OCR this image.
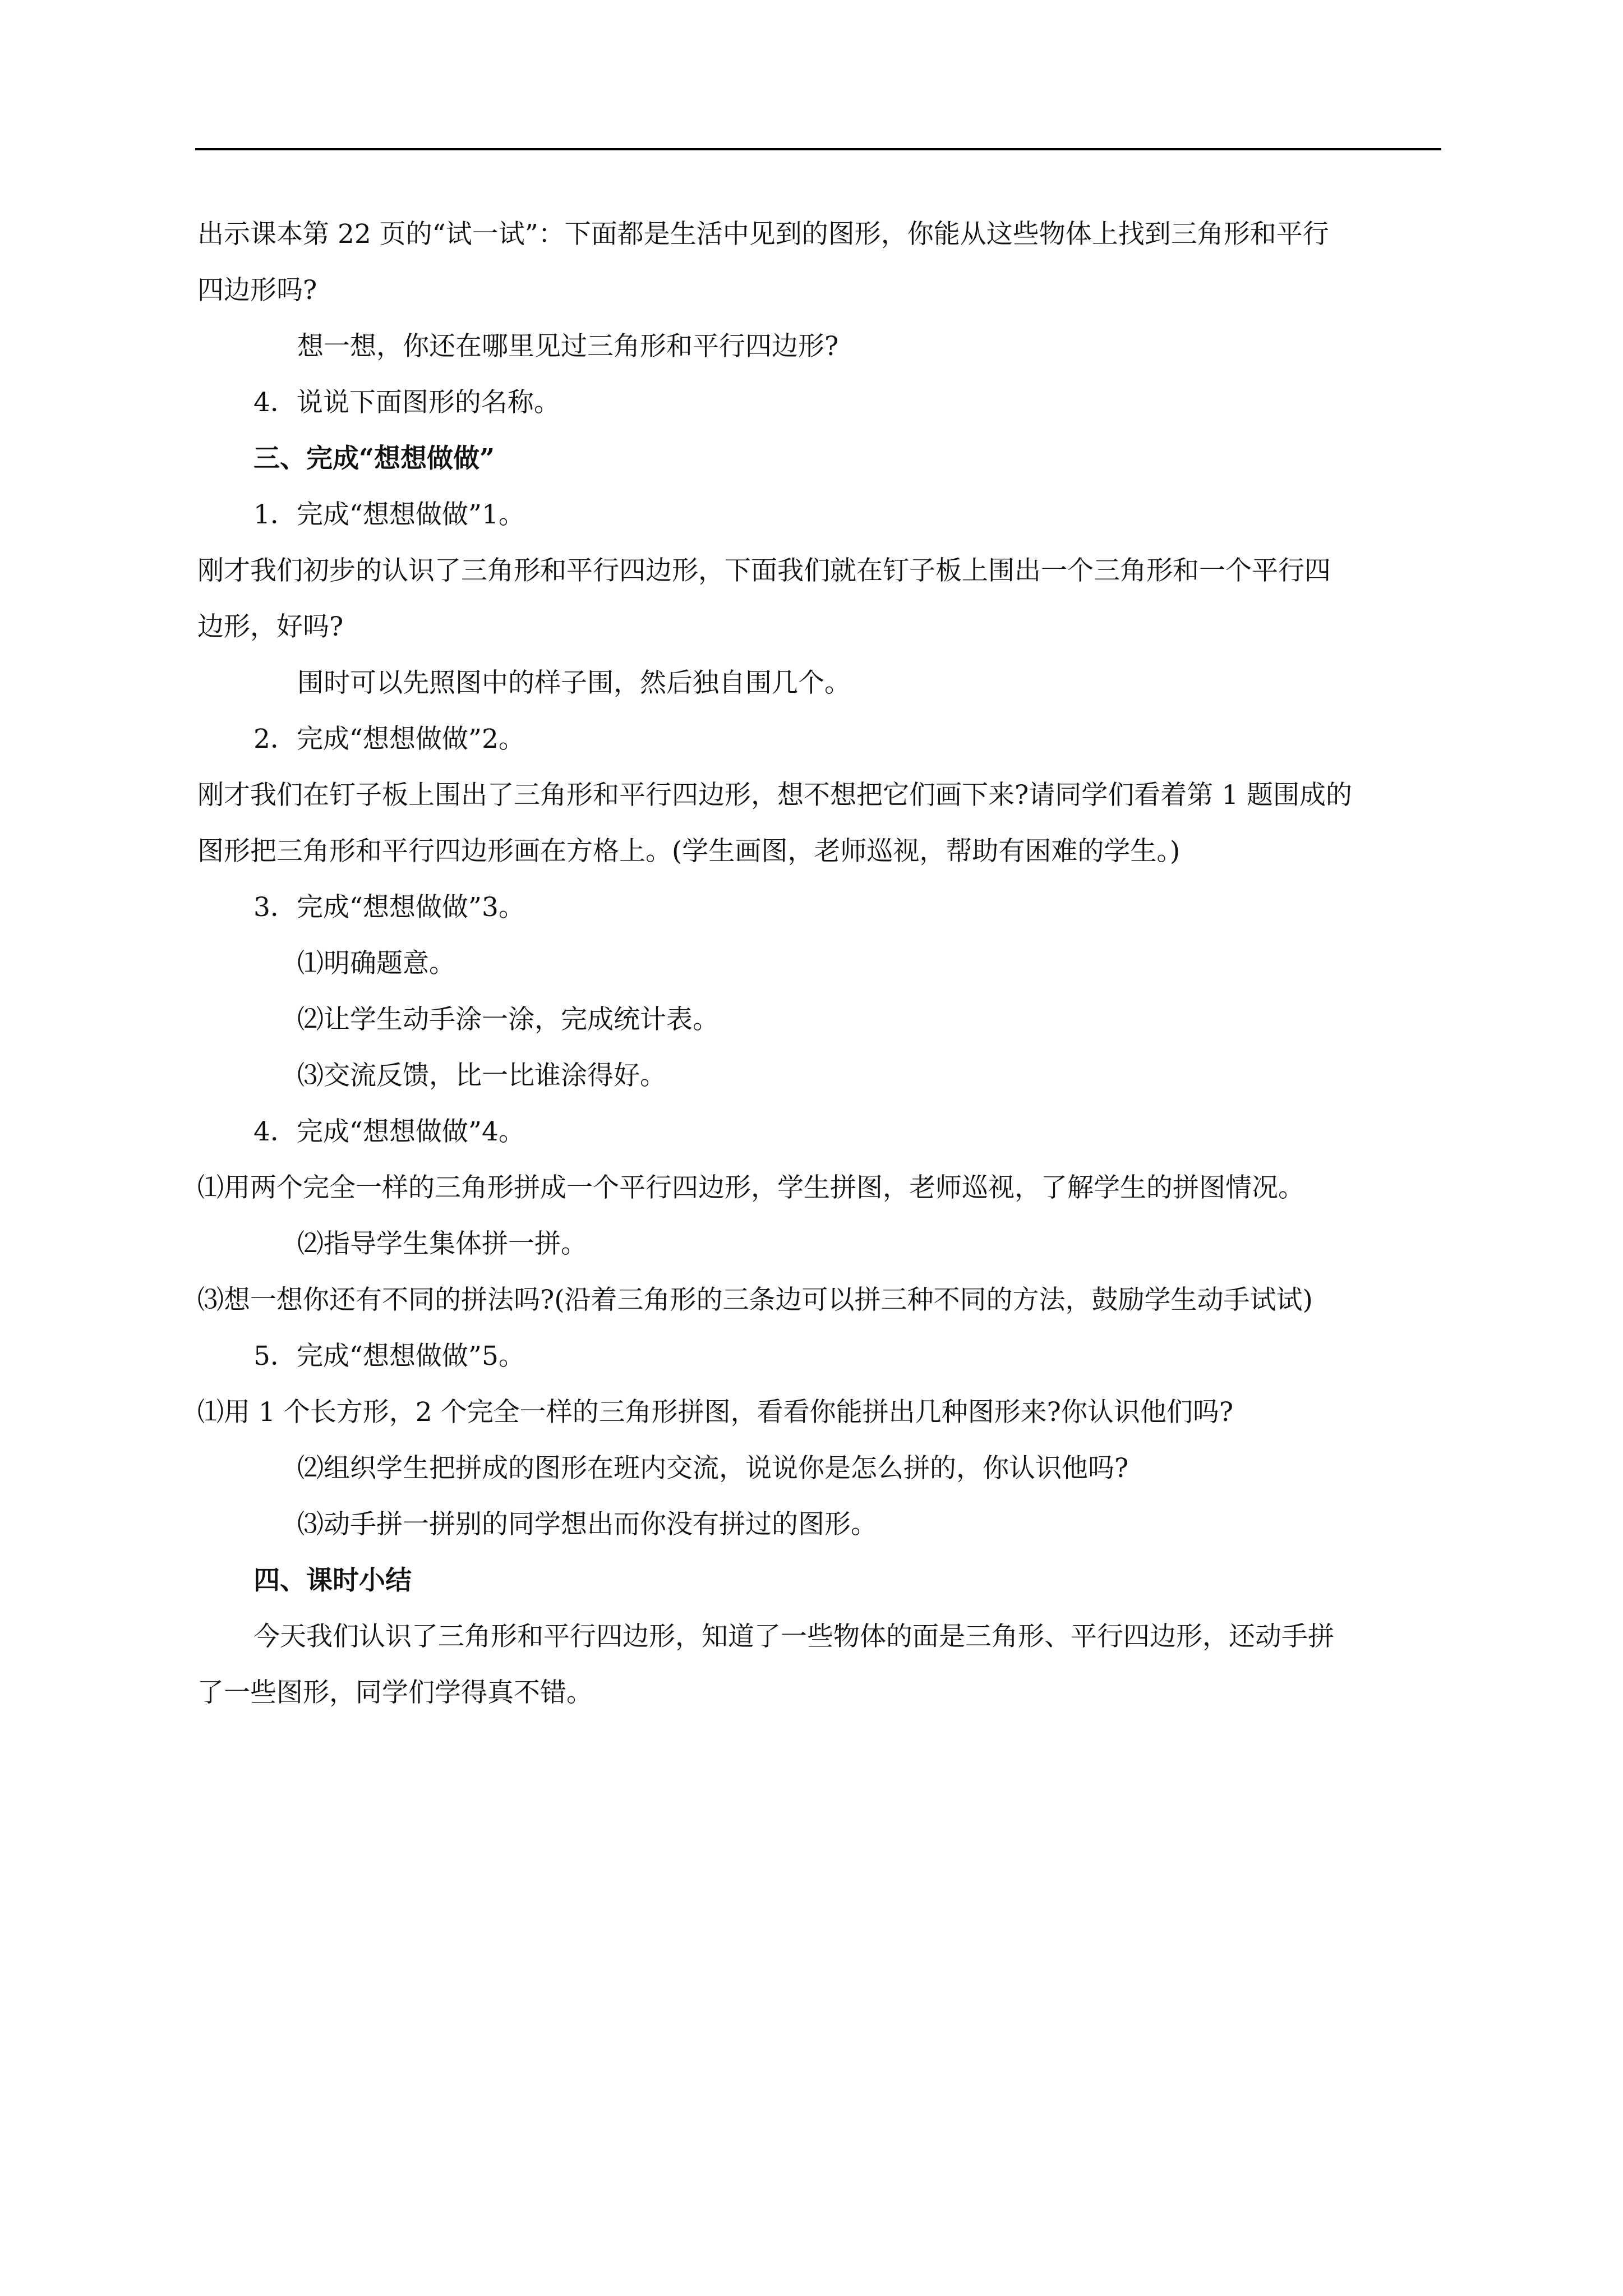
出示课本第 22 页的“试一试”：下面都是生活中见到的图形，你能从这些物体上找到三角形和平行
四边形吗?
想一想，你还在哪里见过三角形和平行四边形?
4．说说下面图形的名称。
三、完成“想想做做”
1．完成“想想做做”1。
刚才我们初步的认识了三角形和平行四边形，下面我们就在钉子板上围出一个三角形和一个平行四
边形，好吗?
围时可以先照图中的样子围，然后独自围几个。
2．完成“想想做做”2。
刚才我们在钉子板上围出了三角形和平行四边形，想不想把它们画下来?请同学们看着第 1 题围成的
图形把三角形和平行四边形画在方格上。(学生画图，老师巡视，帮助有困难的学生。)
3．完成“想想做做”3。
⑴明确题意。
⑵让学生动手涂一涂，完成统计表。
⑶交流反馈，比一比谁涂得好。
4．完成“想想做做”4。
⑴用两个完全一样的三角形拼成一个平行四边形，学生拼图，老师巡视，了解学生的拼图情况。
⑵指导学生集体拼一拼。
⑶想一想你还有不同的拼法吗?(沿着三角形的三条边可以拼三种不同的方法，鼓励学生动手试试)
5．完成“想想做做”5。
⑴用 1 个长方形，2 个完全一样的三角形拼图，看看你能拼出几种图形来?你认识他们吗?
⑵组织学生把拼成的图形在班内交流，说说你是怎么拼的，你认识他吗?
⑶动手拼一拼别的同学想出而你没有拼过的图形。
四、课时小结
今天我们认识了三角形和平行四边形，知道了一些物体的面是三角形、平行四边形，还动手拼
了一些图形，同学们学得真不错。
